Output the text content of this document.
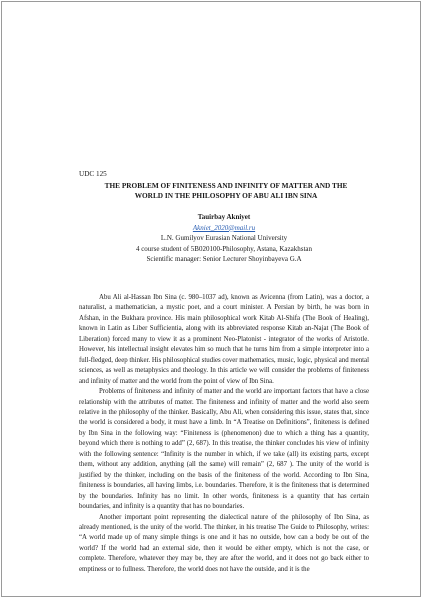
UDC 125
THE PROBLEM OF FINITENESS AND INFINITY OF MATTER AND THE
WORLD IN THE PHILOSOPHY OF ABU ALI IBN SINA
Tauirbay Akniyet
Akniet_2020@mail.ru
L.N. Gumilyov Eurasian National University
4 course student of 5B020100-Philosophy, Astana, Kazakhstan
Scientific manager: Senior Lecturer Shoyinbayeva G.A

Abu Ali al-Hassan Ibn Sina (c. 980–1037 ad), known as Avicenna (from Latin), was a doctor, a naturalist, a mathematician, a mystic poet, and a court minister. A Persian by birth, he was born in Afshan, in the Bukhara province. His main philosophical work Kitab Al-Shifa (The Book of Healing), known in Latin as Liber Sufficientia, along with its abbreviated response Kitab an-Najat (The Book of Liberation) forced many to view it as a prominent Neo-Platonist - integrator of the works of Aristotle. However, his intellectual insight elevates him so much that he turns him from a simple interpreter into a full-fledged, deep thinker. His philosophical studies cover mathematics, music, logic, physical and mental sciences, as well as metaphysics and theology. In this article we will consider the problems of finiteness and infinity of matter and the world from the point of view of Ibn Sina.

Problems of finiteness and infinity of matter and the world are important factors that have a close relationship with the attributes of matter. The finiteness and infinity of matter and the world also seem relative in the philosophy of the thinker. Basically, Abu Ali, when considering this issue, states that, since the world is considered a body, it must have a limb. In “A Treatise on Definitions”, finiteness is defined by Ibn Sina in the following way: “Finiteness is (phenomenon) due to which a thing has a quantity, beyond which there is nothing to add” (2, 687). In this treatise, the thinker concludes his view of infinity with the following sentence: “Infinity is the number in which, if we take (all) its existing parts, except them, without any addition, anything (all the same) will remain” (2, 687 ). The unity of the world is justified by the thinker, including on the basis of the finiteness of the world. According to Ibn Sina, finiteness is boundaries, all having limbs, i.e. boundaries. Therefore, it is the finiteness that is determined by the boundaries. Infinity has no limit. In other words, finiteness is a quantity that has certain boundaries, and infinity is a quantity that has no boundaries.

Another important point representing the dialectical nature of the philosophy of Ibn Sina, as already mentioned, is the unity of the world. The thinker, in his treatise The Guide to Philosophy, writes: “A world made up of many simple things is one and it has no outside, how can a body be out of the world? If the world had an external side, then it would be either empty, which is not the case, or complete. Therefore, whatever they may be, they are after the world, and it does not go back either to emptiness or to fullness. Therefore, the world does not have the outside, and it is the
